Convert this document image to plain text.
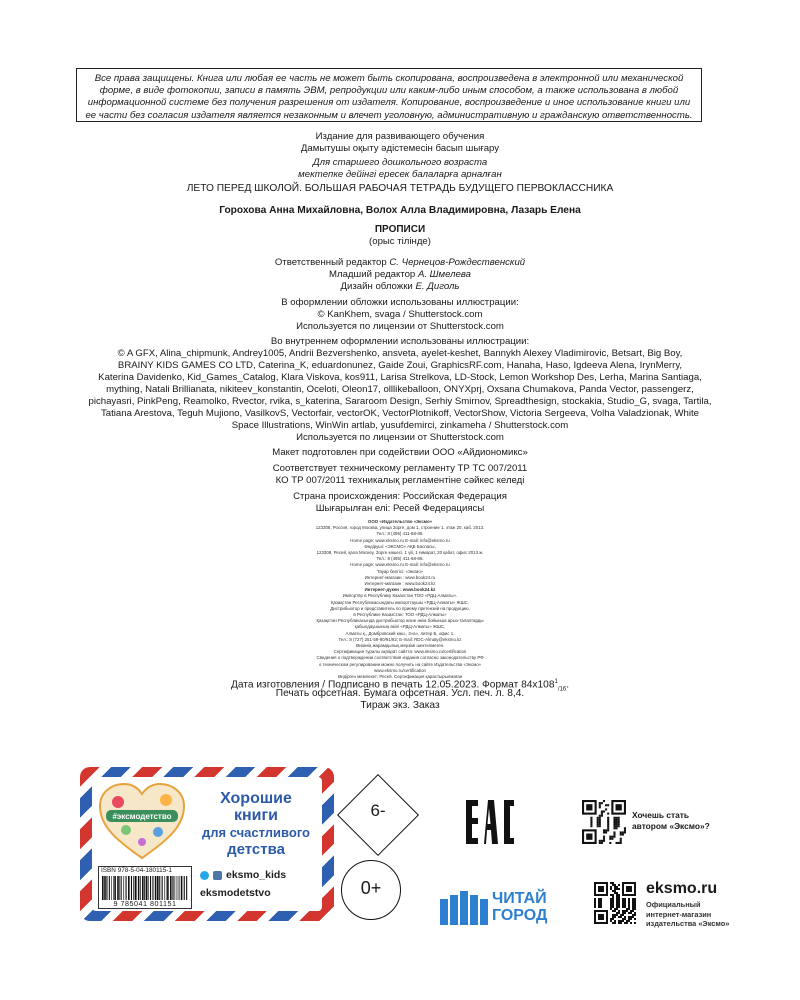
Все права защищены. Книга или любая ее часть не может быть скопирована, воспроизведена в электронной или механической форме, в виде фотокопии, записи в память ЭВМ, репродукции или каким-либо иным способом, а также использована в любой информационной системе без получения разрешения от издателя. Копирование, воспроизведение и иное использование книги или ее части без согласия издателя является незаконным и влечет уголовную, административную и гражданскую ответственность.
Издание для развивающего обучения
Дамытушы оқыту әдістемесін басып шығару
Для старшего дошкольного возраста
мектепке дейінгі ересек балаларға арналған
ЛЕТО ПЕРЕД ШКОЛОЙ. БОЛЬШАЯ РАБОЧАЯ ТЕТРАДЬ БУДУЩЕГО ПЕРВОКЛАССНИКА
Горохова Анна Михайловна, Волох Алла Владимировна, Лазарь Елена
ПРОПИСИ
(орыс тілінде)
Ответственный редактор С. Чернецов-Рождественский
Младший редактор А. Шмелева
Дизайн обложки Е. Диголь
В оформлении обложки использованы иллюстрации:
© KanKhem, svaga / Shutterstock.com
Используется по лицензии от Shutterstock.com
Во внутреннем оформлении использованы иллюстрации:
© A GFX, Alina_chipmunk, Andrey1005, Andrii Bezvershenko, ansveta, ayelet-keshet, Bannykh Alexey Vladimirovic, Betsart, Big Boy,
BRAINY KIDS GAMES CO LTD, Caterina_K, eduardonunez, Gaide Zoui, GraphicsRF.com, Hanaha, Haso, Igdeeva Alena, IrynMerry,
Katerina Davidenko, Kid_Games_Catalog, Klara Viskova, kos911, Larisa Strelkova, LD-Stock, Lemon Workshop Des, Lerha, Marina Santiaga,
mything, Natali Brillianata, nikiteev_konstantin, Oceloti, Oleon17, olllikeballoon, ONYXprj, Oxsana Chumakova, Panda Vector, passengerz,
pichayasri, PinkPeng, Reamolko, Rvector, rvika, s_katerina, Sararoom Design, Serhiy Smirnov, Spreadthesign, stockakia, Studio_G, svaga, Tartila,
Tatiana Arestova, Teguh Mujiono, VasilkovS, Vectorfair, vectorOK, VectorPlotnikoff, VectorShow, Victoria Sergeeva, Volha Valadzionak, White
Space Illustrations, WinWin artlab, yusufdemirci, zinkameha / Shutterstock.com
Используется по лицензии от Shutterstock.com
Макет подготовлен при содействии ООО «Айдиономикс»
Соответствует техническому регламенту ТР ТС 007/2011
КО ТР 007/2011 техникалық регламентіне сәйкес келеді
Страна происхождения: Российская Федерация
Шығарылған елі: Ресей Федерациясы
ООО «Издательство «Эксмо»
123308, Россия, город Москва, улица Зорге, дом 1, строение 1, этаж 20, каб. 2013.
Тел.: 8 (495) 411-68-86.
Home page: www.eksmo.ru E-mail: info@eksmo.ru
Өндіруші: «ЭКСМО» АҚБ Баспасы,
123308, Ресей, қала Мәскеу, Зорге көшесі, 1 үй, 1 ғимарат, 20 қабат, офис 2013 ж.
Тел.: 8 (495) 411-68-86.
Home page: www.eksmo.ru E-mail: info@eksmo.ru
Тауар белгісі: «Эксмо»
Интернет-магазин : www.book24.ru
Интернет-магазин : www.book24.kz
Интернет-дүкен : www.book24.kz
Импортёр в Республику Казахстан ТОО «РДЦ-Алматы».
Қазақстан Республикасындағы импорттаушы «РДЦ-Алматы» ЖШС.
Дистрибьютор и представитель по приему претензий на продукцию,
в Республике Казахстан: ТОО «РДЦ-Алматы»
Қазақстан Республикасында дистрибьютор және өнім бойынша арыз-талаптарды
қабылдаушының өкілі «РДЦ-Алматы» ЖШС,
Алматы қ., Домбровский көш., 3«а», литер Б, офис 1.
Тел.: 8 (727) 251-59-90/91/92; E-mail: RDC-Almaty@eksmo.kz
Өнімнің жарамдылық мерзімі шектелмеген.
Сертификация туралы ақпарат сайтта: www.eksmo.ru/certification
Сведения о подтверждении соответствия издания согласно законодательству РФ
о техническом регулировании можно получить на сайте Издательства «Эксмо»
www.eksmo.ru/certification
Өндірген мемлекет: Ресей. Сертификация қарастырылмаған
Дата изготовления / Подписано в печать 12.05.2023. Формат $84x108^1_{/16}$.
Печать офсетная. Бумага офсетная. Усл. печ. л. 8,4.
Тираж экз. Заказ
#эксмодетство
Хорошие
книги
для счастливого
детства
ISBN 978-5-04-180115-1
9 785041 801151
eksmo_kids
eksmodetstvo
6-
0+
ЧИТАЙ
ГОРОД
Хочешь стать
автором «Эксмо»?
eksmo.ru
Официальный
интернет-магазин
издательства «Эксмо»
